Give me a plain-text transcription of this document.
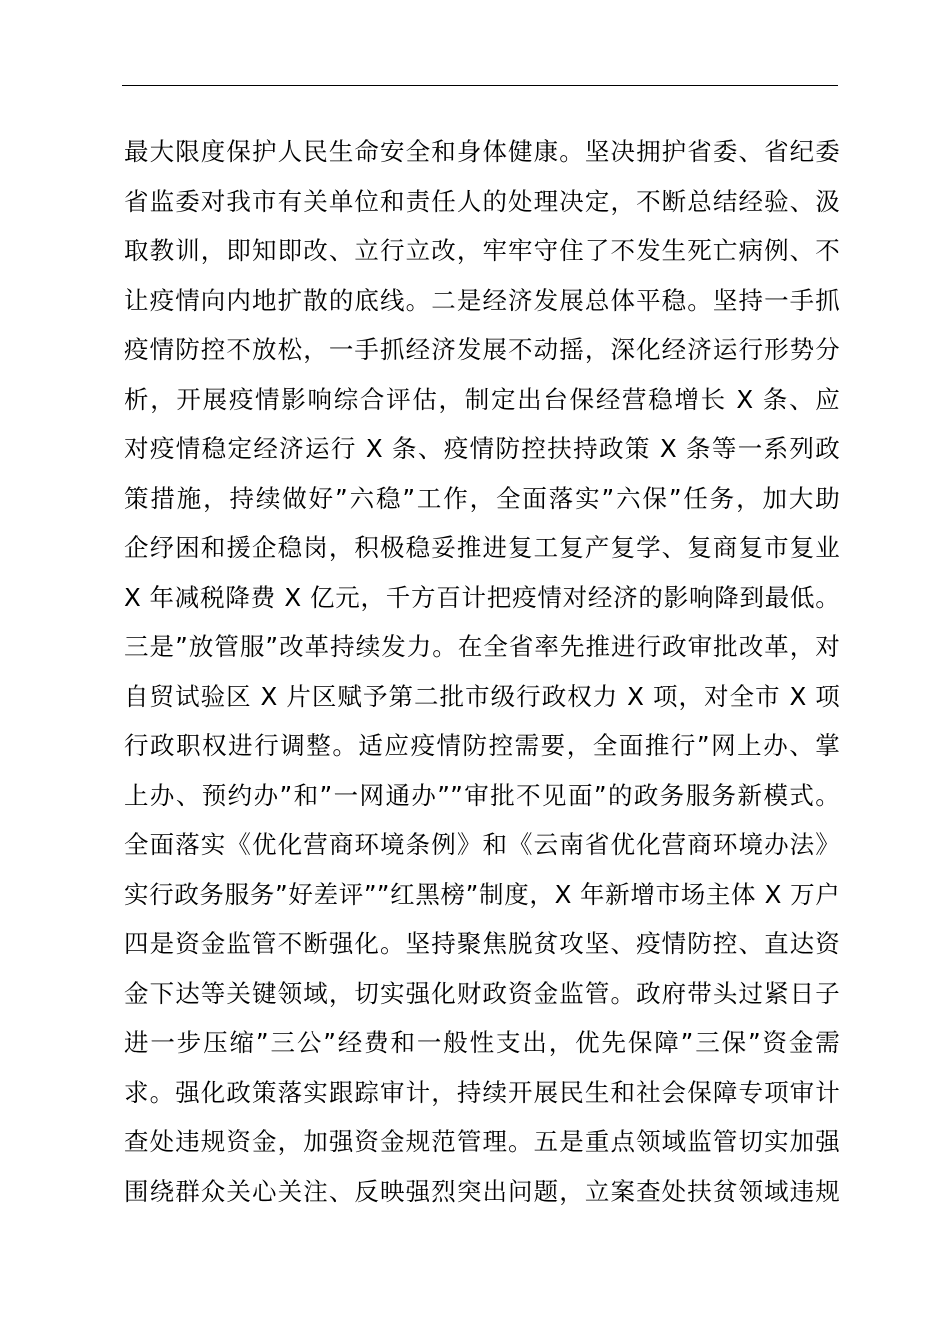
最大限度保护人民生命安全和身体健康。坚决拥护省委、省纪委
省监委对我市有关单位和责任人的处理决定，不断总结经验、汲
取教训，即知即改、立行立改，牢牢守住了不发生死亡病例、不
让疫情向内地扩散的底线。二是经济发展总体平稳。坚持一手抓
疫情防控不放松，一手抓经济发展不动摇，深化经济运行形势分
析，开展疫情影响综合评估，制定出台保经营稳增长 X 条、应
对疫情稳定经济运行 X 条、疫情防控扶持政策 X 条等一系列政
策措施，持续做好”六稳”工作，全面落实”六保”任务，加大助
企纾困和援企稳岗，积极稳妥推进复工复产复学、复商复市复业
X 年减税降费 X 亿元，千方百计把疫情对经济的影响降到最低。
三是”放管服”改革持续发力。在全省率先推进行政审批改革，对
自贸试验区 X 片区赋予第二批市级行政权力 X 项，对全市 X 项
行政职权进行调整。适应疫情防控需要，全面推行”网上办、掌
上办、预约办”和”一网通办””审批不见面”的政务服务新模式。
全面落实《优化营商环境条例》和《云南省优化营商环境办法》
实行政务服务”好差评””红黑榜”制度，X 年新增市场主体 X 万户
四是资金监管不断强化。坚持聚焦脱贫攻坚、疫情防控、直达资
金下达等关键领域，切实强化财政资金监管。政府带头过紧日子
进一步压缩”三公”经费和一般性支出，优先保障”三保”资金需
求。强化政策落实跟踪审计，持续开展民生和社会保障专项审计
查处违规资金，加强资金规范管理。五是重点领域监管切实加强
围绕群众关心关注、反映强烈突出问题，立案查处扶贫领域违规
